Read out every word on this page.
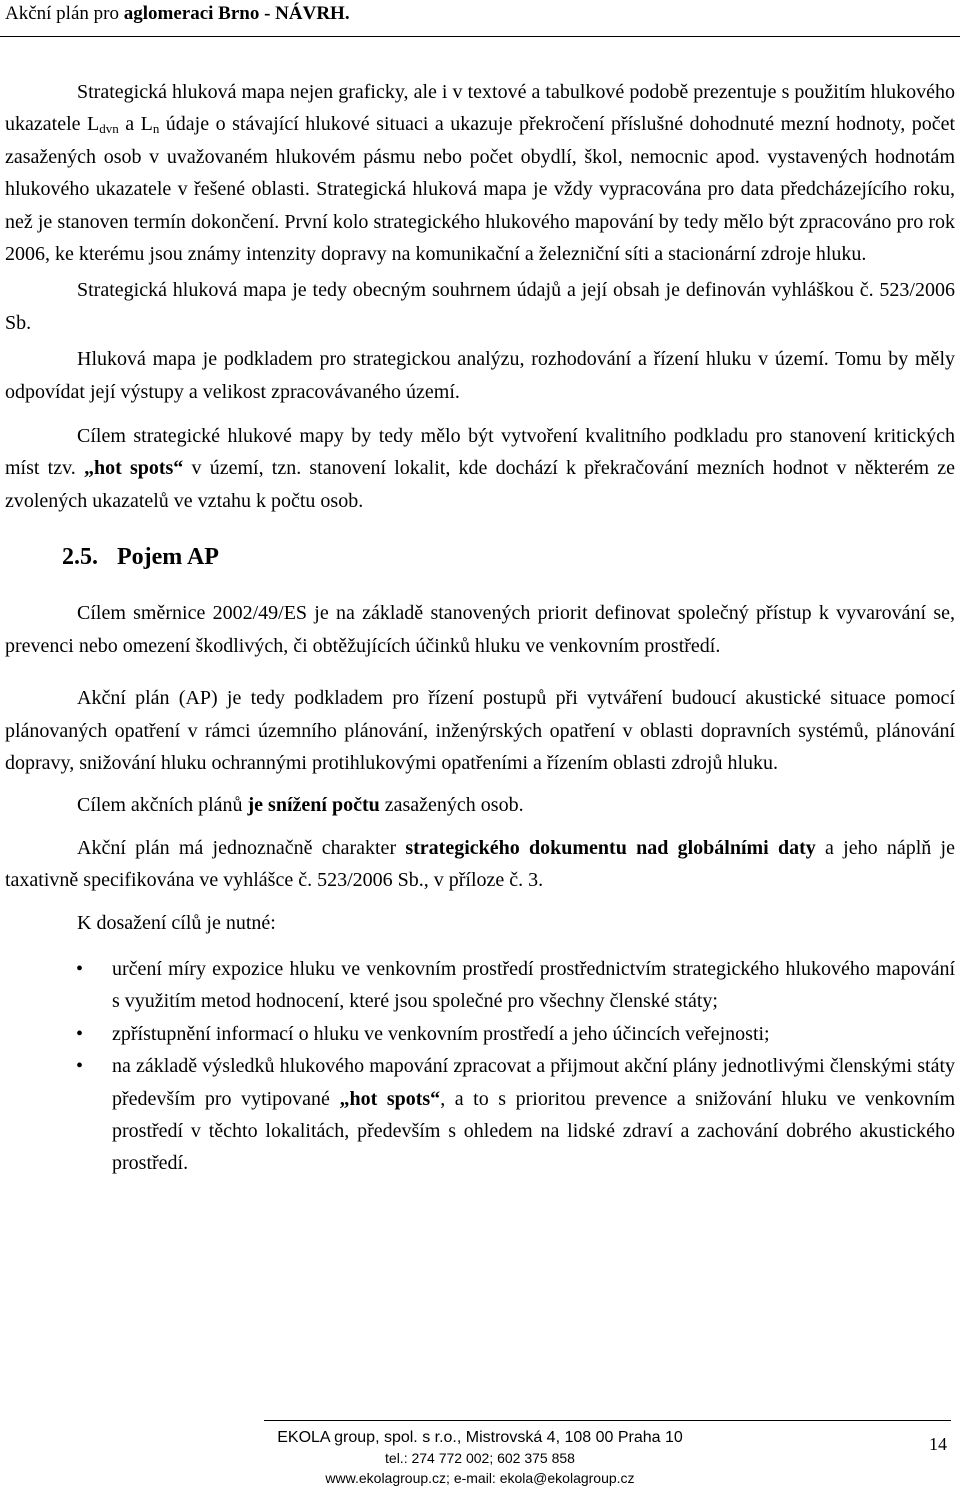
Akční plán pro aglomeraci Brno - NÁVRH.

Strategická hluková mapa nejen graficky, ale i v textové a tabulkové podobě prezentuje s použitím hlukového ukazatele $L_{dvn}$ a $L_n$ údaje o stávající hlukové situaci a ukazuje překročení příslušné dohodnuté mezní hodnoty, počet zasažených osob v uvažovaném hlukovém pásmu nebo počet obydlí, škol, nemocnic apod. vystavených hodnotám hlukového ukazatele v řešené oblasti. Strategická hluková mapa je vždy vypracována pro data předcházejícího roku, než je stanoven termín dokončení. První kolo strategického hlukového mapování by tedy mělo být zpracováno pro rok 2006, ke kterému jsou známy intenzity dopravy na komunikační a železniční síti a stacionární zdroje hluku.

Strategická hluková mapa je tedy obecným souhrnem údajů a její obsah je definován vyhláškou č. 523/2006 Sb.

Hluková mapa je podkladem pro strategickou analýzu, rozhodování a řízení hluku v území. Tomu by měly odpovídat její výstupy a velikost zpracovávaného území.

Cílem strategické hlukové mapy by tedy mělo být vytvoření kvalitního podkladu pro stanovení kritických míst tzv. „hot spots“ v území, tzn. stanovení lokalit, kde dochází k překračování mezních hodnot v některém ze zvolených ukazatelů ve vztahu k počtu osob.

2.5. Pojem AP

Cílem směrnice 2002/49/ES je na základě stanovených priorit definovat společný přístup k vyvarování se, prevenci nebo omezení škodlivých, či obtěžujících účinků hluku ve venkovním prostředí.

Akční plán (AP) je tedy podkladem pro řízení postupů při vytváření budoucí akustické situace pomocí plánovaných opatření v rámci územního plánování, inženýrských opatření v oblasti dopravních systémů, plánování dopravy, snižování hluku ochrannými protihlukovými opatřeními a řízením oblasti zdrojů hluku.

Cílem akčních plánů je snížení počtu zasažených osob.

Akční plán má jednoznačně charakter strategického dokumentu nad globálními daty a jeho náplň je taxativně specifikována ve vyhlášce č. 523/2006 Sb., v příloze č. 3.

K dosažení cílů je nutné:

• určení míry expozice hluku ve venkovním prostředí prostřednictvím strategického hlukového mapování s využitím metod hodnocení, které jsou společné pro všechny členské státy;
• zpřístupnění informací o hluku ve venkovním prostředí a jeho účincích veřejnosti;
• na základě výsledků hlukového mapování zpracovat a přijmout akční plány jednotlivými členskými státy především pro vytipované „hot spots“, a to s prioritou prevence a snižování hluku ve venkovním prostředí v těchto lokalitách, především s ohledem na lidské zdraví a zachování dobrého akustického prostředí.
EKOLA group, spol. s r.o., Mistrovská 4, 108 00 Praha 10
tel.: 274 772 002; 602 375 858
www.ekolagroup.cz; e-mail: ekola@ekolagroup.cz
14
